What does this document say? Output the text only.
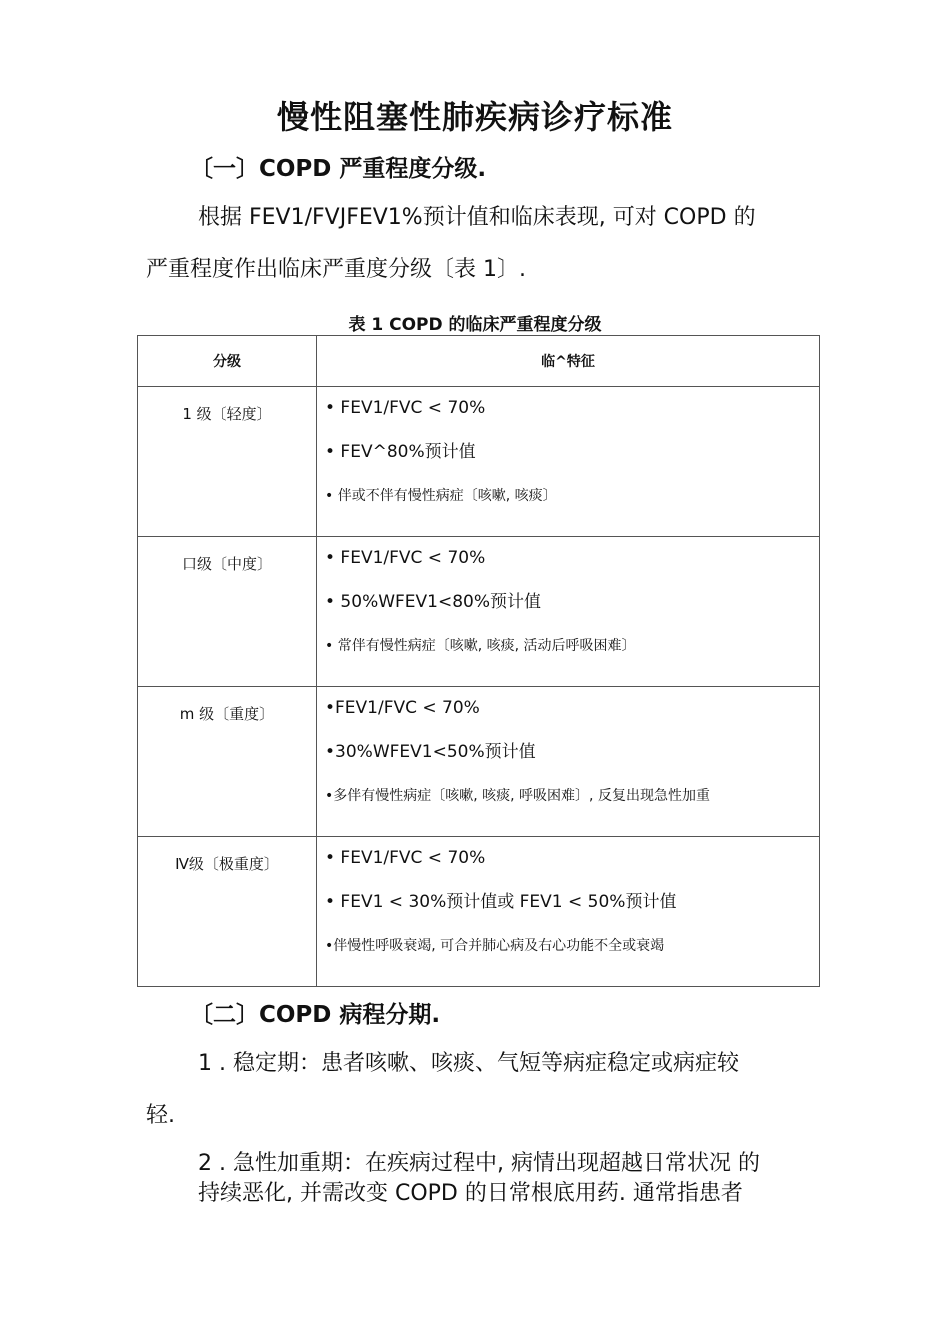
慢性阻塞性肺疾病诊疗标准
〔一〕COPD 严重程度分级.
根据 FEV1/FVJFEV1%预计值和临床表现, 可对 COPD 的
严重程度作出临床严重度分级〔表 1〕.
表 1 COPD 的临床严重程度分级
分级	临^特征
1 级〔轻度〕	• FEV1/FVC < 70%
• FEV^80%预计值
• 伴或不伴有慢性病症〔咳嗽, 咳痰〕

口级〔中度〕	• FEV1/FVC < 70%
• 50%WFEV1<80%预计值
• 常伴有慢性病症〔咳嗽, 咳痰, 活动后呼吸困难〕

m 级〔重度〕	•FEV1/FVC < 70%
•30%WFEV1<50%预计值
•多伴有慢性病症〔咳嗽, 咳痰, 呼吸困难〕, 反复出现急性加重

Ⅳ级〔极重度〕	• FEV1/FVC < 70%
• FEV1 < 30%预计值或 FEV1 < 50%预计值
•伴慢性呼吸衰竭, 可合并肺心病及右心功能不全或衰竭
〔二〕COPD 病程分期.
1 . 稳定期：患者咳嗽、咳痰、气短等病症稳定或病症较
轻.
2 . 急性加重期：在疾病过程中, 病情出现超越日常状况 的
持续恶化, 并需改变 COPD 的日常根底用药. 通常指患者
